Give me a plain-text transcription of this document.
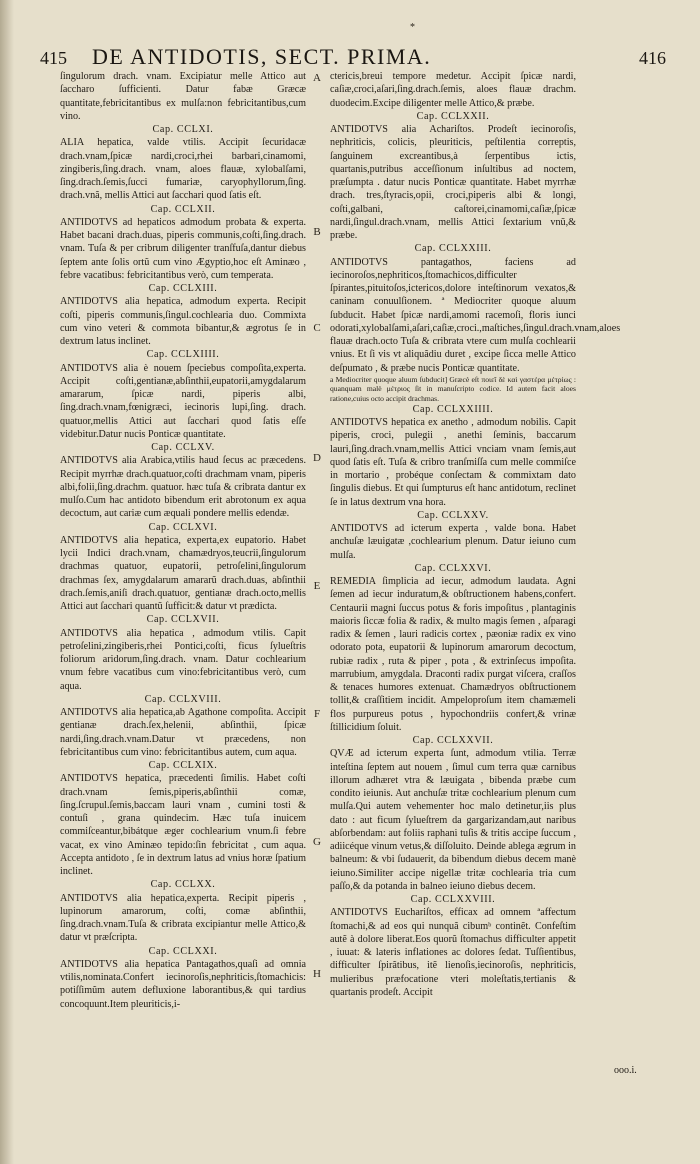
*
415 DE ANTIDOTIS, SECT. PRIMA.	416

ſingulorum drach. vnam. Excipiatur melle Attico aut ſaccharo ſufficienti. Datur fabæ Græcæ quantitate,febricitantibus ex mulſa:non febricitantibus,cum vino.

Cap. CCLXI.

ALIA hepatica, valde vtilis. Accipit ſecuridacæ drach.vnam,ſpicæ nardi,croci,rhei barbari,cinamomi, zingiberis,ſing.drach. vnam, aloes flauæ, xylobalſami, ſing.drach.ſemis,ſucci fumariæ, caryophyllorum,ſing. drach.vnã, mellis Attici aut ſacchari quod ſatis eſt.

Cap. CCLXII.

ANTIDOTVS ad hepaticos admodum probata & experta. Habet bacani drach.duas, piperis communis,coſti,ſing.drach. vnam. Tuſa & per cribrum diligenter tranſfuſa,dantur diebus ſeptem ante ſolis ortũ cum vino Ægyptio,hoc eſt Aminæo , febre vacatibus: febricitantibus verò, cum temperata.

Cap. CCLXIII.

ANTIDOTVS alia hepatica, admodum experta. Recipit coſti, piperis communis,ſingul.cochlearia duo. Commixta cum vino veteri & commota bibantur,& ægrotus ſe in dextrum latus inclinet.

Cap. CCLXIIII.

ANTIDOTVS alia è nouem ſpeciebus compoſita,experta. Accipit coſti,gentianæ,abſinthii,eupatorii,amygdalarum amararum, ſpicæ nardi, piperis albi, ſing.drach.vnam,fœnigræci, iecinoris lupi,ſing. drach. quatuor,mellis Attici aut ſacchari quod ſatis eſſe videbitur.Datur nucis Ponticæ quantitate.

Cap. CCLXV.

ANTIDOTVS alia Arabica,vtilis haud ſecus ac præcedens. Recipit myrrhæ drach.quatuor,coſti drachmam vnam, piperis albi,folii,ſing.drachm. quatuor. hæc tuſa & cribrata dantur ex mulſo.Cum hac antidoto bibendum erit abrotonum ex aqua decoctum, aut cariæ cum æquali pondere mellis edendæ.

Cap. CCLXVI.

ANTIDOTVS alia hepatica, experta,ex eupatorio. Habet lycii Indici drach.vnam, chamædryos,teucrii,ſingulorum drachmas quatuor, eupatorii, petroſelini,ſingulorum drachmas ſex, amygdalarum amararũ drach.duas, abſinthii drach.ſemis,aniſi drach.quatuor, gentianæ drach.octo,mellis Attici aut ſacchari quantũ ſufficit:& datur vt prædicta.

Cap. CCLXVII.

ANTIDOTVS alia hepatica , admodum vtilis. Capit petroſelini,zingiberis,rhei Pontici,coſti, ficus ſylueſtris foliorum aridorum,ſing.drach. vnam. Datur cochlearium vnum febre vacatibus cum vino:febricitantibus verò, cum aqua.

Cap. CCLXVIII.

ANTIDOTVS alia hepatica,ab Agathone compoſita. Accipit gentianæ drach.ſex,helenii, abſinthii, ſpicæ nardi,ſing.drach.vnam.Datur vt præcedens, non febricitantibus cum vino: febricitantibus autem, cum aqua.

Cap. CCLXIX.

ANTIDOTVS hepatica, præcedenti ſimilis. Habet coſti drach.vnam ſemis,piperis,abſinthii comæ, ſing.ſcrupul.ſemis,baccam lauri vnam , cumini tosti & contuſi , grana quindecim. Hæc tuſa inuicem commiſceantur,bibátque æger cochlearium vnum.ſi febre vacat, ex vino Aminæo tepido:ſin febricitat , cum aqua. Accepta antidoto , ſe in dextrum latus ad vnius horæ ſpatium inclinet.

Cap. CCLXX.

ANTIDOTVS alia hepatica,experta. Recipit piperis , lupinorum amarorum, coſti, comæ abſinthii, ſing.drach.vnam.Tuſa & cribrata excipiantur melle Attico,& datur vt præſcripta.

Cap. CCLXXI.

ANTIDOTVS alia hepatica Pantagathos,quaſi ad omnia vtilis,nominata.Confert iecinoroſis,nephriticis,ſtomachicis: potiſſimũm autem defluxione laborantibus,& qui tardius concoquunt.Item pleuriticis,i-

ctericis,breui tempore medetur. Accipit ſpicæ nardi, caſiæ,croci,aſari,ſing.drach.ſemis, aloes flauæ drachm. duodecim.Excipe diligenter melle Attico,& præbe.

Cap. CCLXXII.

ANTIDOTVS alia Achariſtos. Prodeſt iecinoroſis, nephriticis, colicis, pleuriticis, peſtilentia correptis, ſanguinem excreantibus,à ſerpentibus ictis, quartanis,putribus acceſſionum inſultibus ad noctem, præſumpta . datur nucis Ponticæ quantitate. Habet myrrhæ drach. tres,ſtyracis,opii, croci,piperis albi & longi, coſti,galbani, caſtorei,cinamomi,caſiæ,ſpicæ nardi,ſingul.drach.vnam, mellis Attici ſextarium vnũ,& præbe.

Cap. CCLXXIII.

ANTIDOTVS pantagathos, faciens ad iecinoroſos,nephriticos,ſtomachicos,difficulter ſpirantes,pituitoſos,ictericos,dolore inteſtinorum vexatos,& caninam conuulſionem. ª Mediocriter quoque aluum ſubducit. Habet ſpicæ nardi,amomi racemoſi, floris iunci odorati,xylobalſami,aſari,caſiæ,croci.,maſtiches,ſingul.drach.vnam,aloes flauæ drach.octo Tuſa & cribrata vtere cum mulſa cochlearii vnius. Et ſi vis vt aliquãdiu duret , excipe ſicca melle Attico deſpumato , & præbe nucis Ponticæ quantitate.

a Mediocriter quoque aluum ſubducit] Græcè eſt ποιεῖ δὲ καὶ γαστέρα μέτρίως : quanquam malè μέτριος ſit in manuſcripto codice. Id autem facit aloes ratione,cuius octo accipit drachmas.

Cap. CCLXXIIII.

ANTIDOTVS hepatica ex anetho , admodum nobilis. Capit piperis, croci, pulegii , anethi ſeminis, baccarum lauri,ſing.drach.vnam,mellis Attici vnciam vnam ſemis,aut quod ſatis eſt. Tuſa & cribro tranſmiſſa cum melle commiſce in mortario , probéque conſectam & commixtam dato ſingulis diebus. Et qui ſumpturus eſt hanc antidotum, reclinet ſe in latus dextrum vna hora.

Cap. CCLXXV.

ANTIDOTVS ad icterum experta , valde bona. Habet anchuſæ læuigatæ ,cochlearium plenum. Datur ieiuno cum mulſa.

Cap. CCLXXVI.

REMEDIA ſimplicia ad iecur, admodum laudata. Agni ſemen ad iecur induratum,& obſtructionem habens,confert. Centaurii magni ſuccus potus & foris impoſitus , plantaginis maioris ſiccæ folia & radix, & multo magis ſemen , aſparagi radix & ſemen , lauri radicis cortex , pæoniæ radix ex vino odorato pota, eupatorii & lupinorum amarorum decoctum, rubiæ radix , ruta & piper , pota , & extrinſecus impoſita. marrubium, amygdala. Draconti radix purgat viſcera, craſſos & tenaces humores extenuat. Chamædryos obſtructionem tollit,& craſſitiem incidit. Ampeloproſum item chamæmeli flos purpureus potus , hypochondriis confert,& vrinæ ſtillicidium ſoluit.

Cap. CCLXXVII.

QVÆ ad icterum experta ſunt, admodum vtilia. Terræ inteſtina ſeptem aut nouem , ſimul cum terra quæ carnibus illorum adhæret vtra & læuigata , bibenda præbe cum condito ieiunis. Aut anchuſæ tritæ cochlearium plenum cum mulſa.Qui autem vehementer hoc malo detinetur,iis plus dato : aut ficum ſylueſtrem da gargarizandam,aut naribus abſorbendam: aut foliis raphani tuſis & tritis accipe ſuccum , adiicéque vinum vetus,& diſſoluito. Deinde ablega ægrum in balneum: & vbi ſudauerit, da bibendum diebus decem manè ieiuno.Similiter accipe nigellæ tritæ cochlearia tria cum paſſo,& da potanda in balneo ieiuno diebus decem.

Cap. CCLXXVIII.

ANTIDOTVS Euchariſtos, efficax ad omnem ªaffectum ſtomachi,& ad eos qui nunquã cibumᵇ continẽt. Confeſtim autẽ à dolore liberat.Eos quorũ ſtomachus difficulter appetit , iuuat: & lateris inflationes ac dolores ſedat. Tuſſientibus, difficulter ſpirãtibus, itẽ lienoſis,iecinoroſis, nephriticis, mulieribus præfocatione vteri moleſtatis,tertianis & quartanis prodeſt. Accipit

A
B
C
D
E
F
G
H
ooo.i.
